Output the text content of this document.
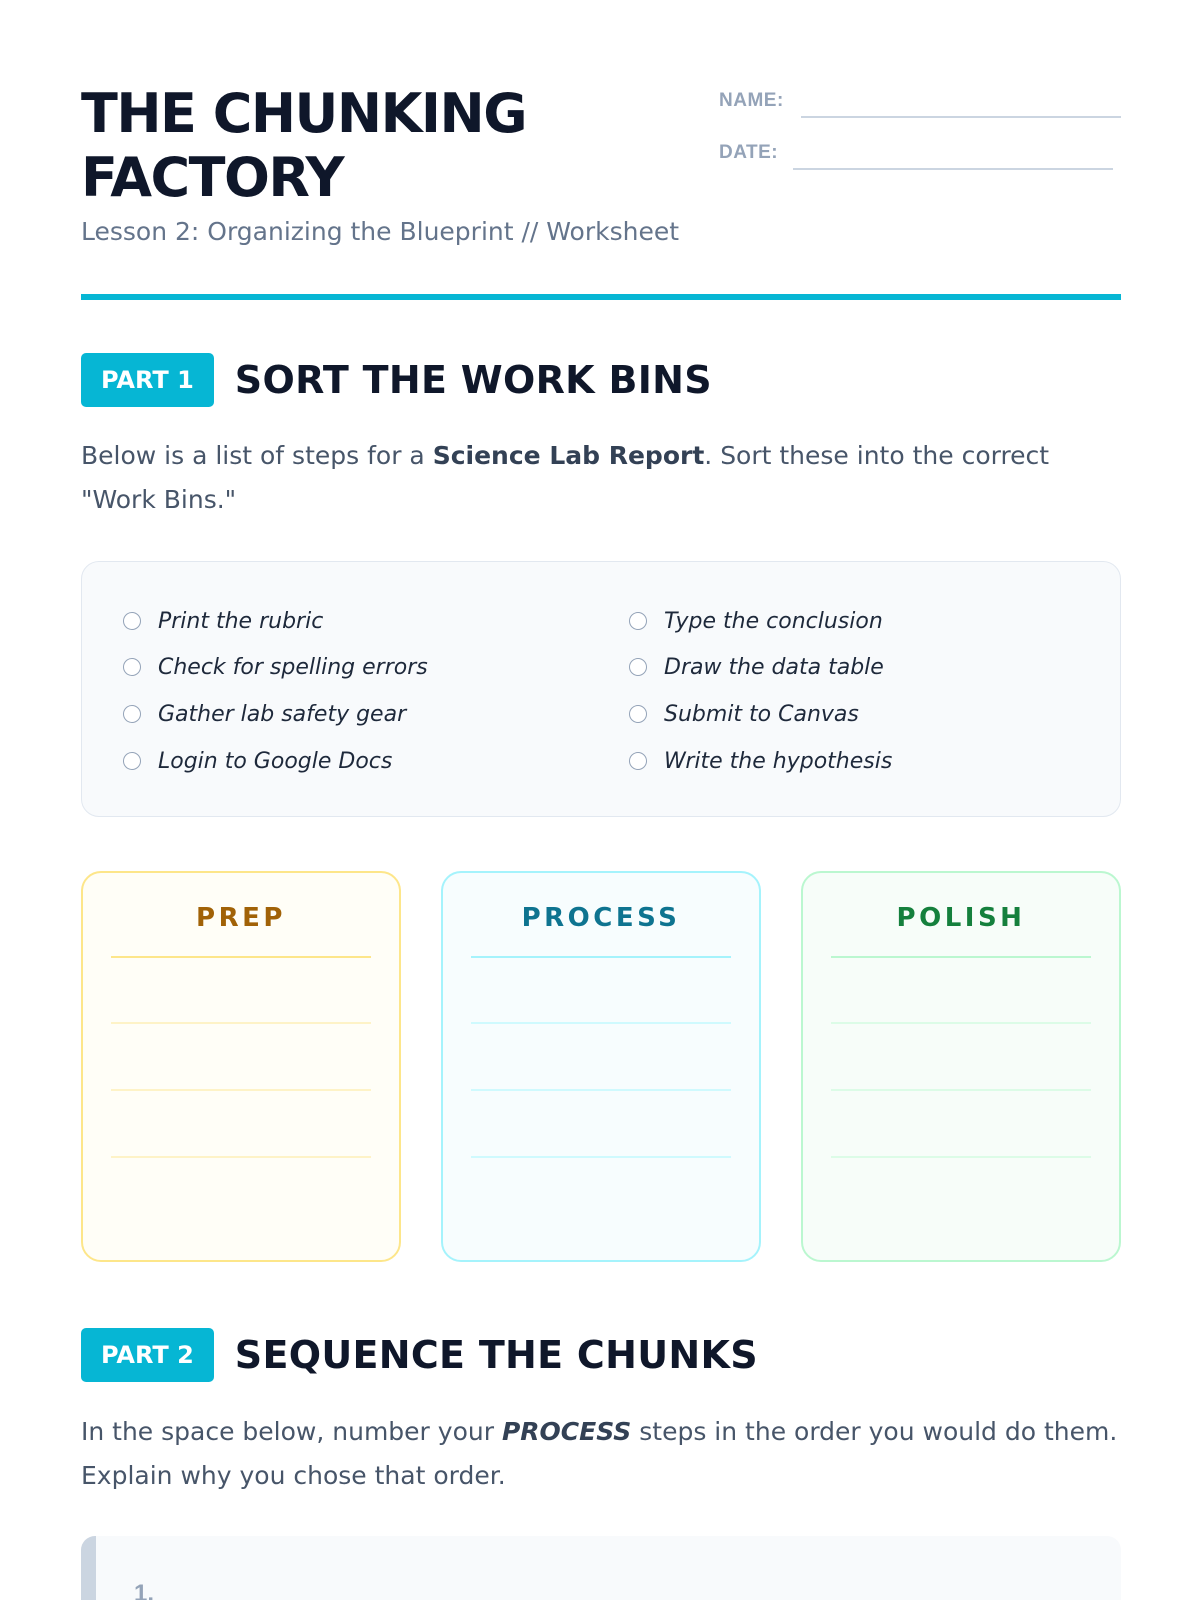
THE CHUNKING FACTORY
Lesson 2: Organizing the Blueprint // Worksheet
NAME:
DATE:
PART 1	SORT THE WORK BINS

Below is a list of steps for a Science Lab Report. Sort these into the correct "Work Bins."

Print the rubric
Check for spelling errors
Gather lab safety gear
Login to Google Docs
Type the conclusion
Draw the data table
Submit to Canvas
Write the hypothesis
PREP	PROCESS	POLISH
PART 2	SEQUENCE THE CHUNKS

In the space below, number your PROCESS steps in the order you would do them. Explain why you chose that order.

1.
